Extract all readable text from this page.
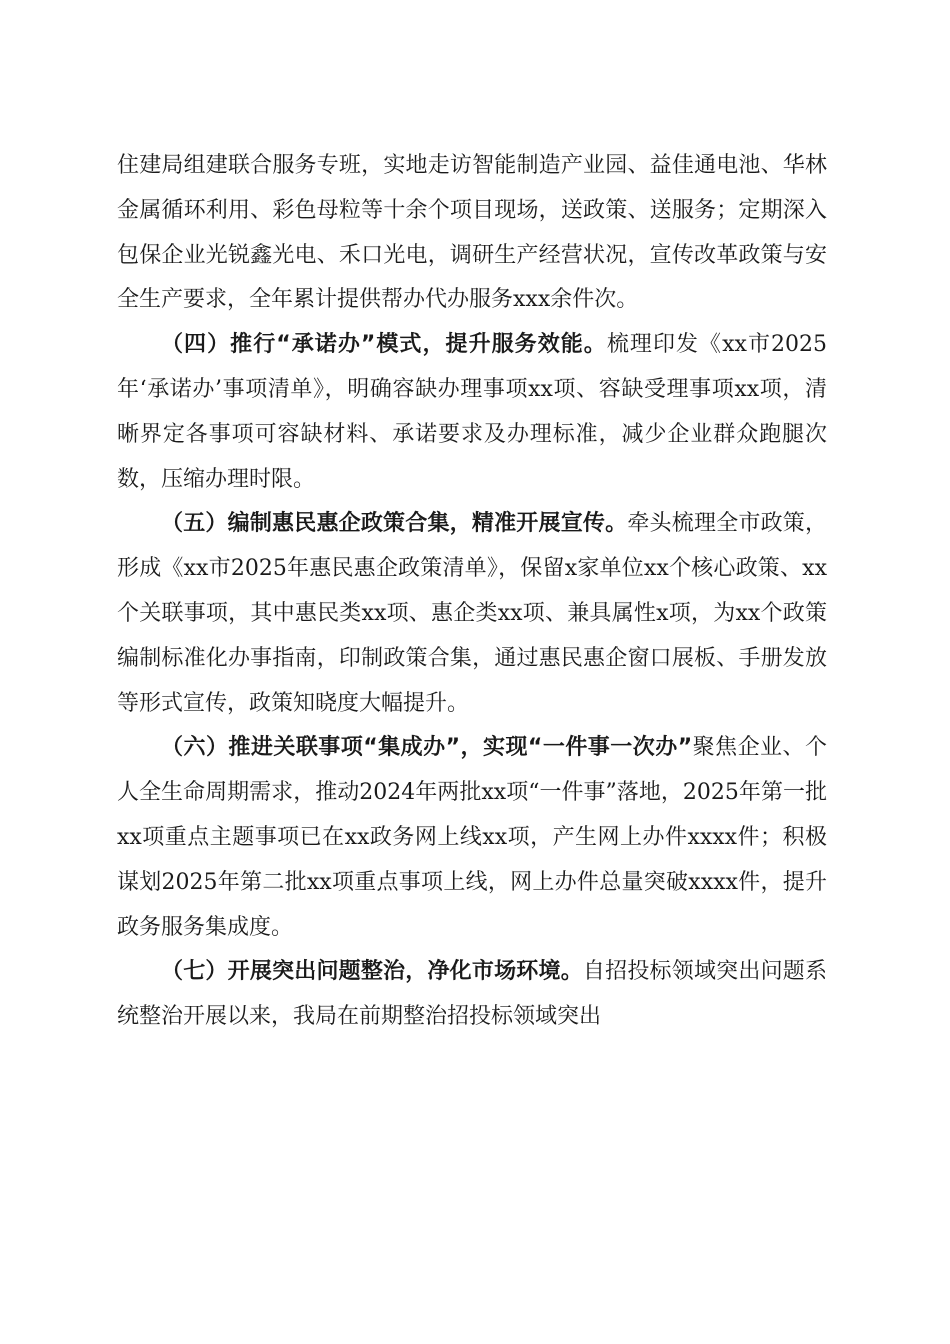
住建局组建联合服务专班，实地走访智能制造产业园、益佳通电池、华林金属循环利用、彩色母粒等十余个项目现场，送政策、送服务；定期深入包保企业光锐鑫光电、禾口光电，调研生产经营状况，宣传改革政策与安全生产要求，全年累计提供帮办代办服务xxx余件次。

（四）推行“承诺办”模式，提升服务效能。梳理印发《xx市2025年‘承诺办’事项清单》，明确容缺办理事项xx项、容缺受理事项xx项，清晰界定各事项可容缺材料、承诺要求及办理标准，减少企业群众跑腿次数，压缩办理时限。

（五）编制惠民惠企政策合集，精准开展宣传。牵头梳理全市政策，形成《xx市2025年惠民惠企政策清单》，保留x家单位xx个核心政策、xx个关联事项，其中惠民类xx项、惠企类xx项、兼具属性x项，为xx个政策编制标准化办事指南，印制政策合集，通过惠民惠企窗口展板、手册发放等形式宣传，政策知晓度大幅提升。

（六）推进关联事项“集成办”，实现“一件事一次办”聚焦企业、个人全生命周期需求，推动2024年两批xx项“一件事”落地，2025年第一批xx项重点主题事项已在xx政务网上线xx项，产生网上办件xxxx件；积极谋划2025年第二批xx项重点事项上线，网上办件总量突破xxxx件，提升政务服务集成度。

（七）开展突出问题整治，净化市场环境。自招投标领域突出问题系统整治开展以来，我局在前期整治招投标领域突出
